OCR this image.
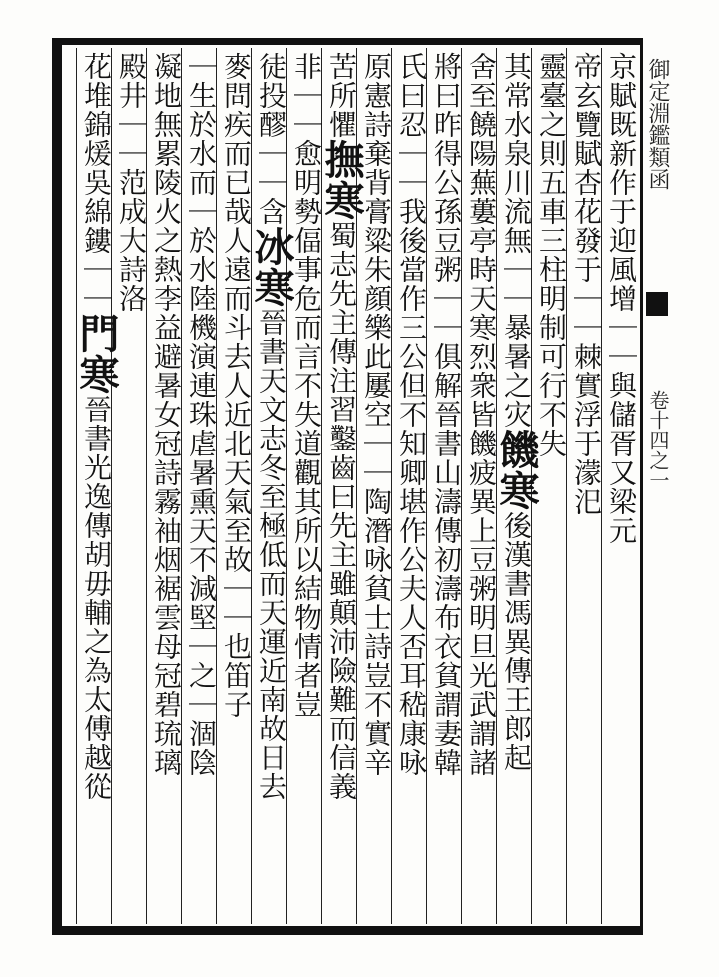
御定淵鑑類函
卷十四之一
京賦既新作于迎風增｜｜與儲胥又梁元
帝玄覽賦杏花發于｜｜棘實浮于濛汜
靈臺之則五車三柱明制可行不失
其常水泉川流無｜｜暴暑之灾饑寒後漢書馮異傳王郎起
舍至饒陽蕪蔞亭時天寒烈衆皆饑疲異上豆粥明旦光武謂諸
將曰昨得公孫豆粥｜｜俱解晉書山濤傳初濤布衣貧謂妻韓
氏曰忍｜｜我後當作三公但不知卿堪作公夫人否耳嵇康咏
原憲詩棄背膏粱朱顔樂此屢空｜｜陶潛咏貧士詩豈不實辛
苦所懼撫寒蜀志先主傳注習鑿齒曰先主雖顛沛險難而信義
非｜｜愈明勢偪事危而言不失道觀其所以結物情者豈
徒投醪｜｜含冰寒晉書天文志冬至極低而天運近南故日去
麥問疾而已哉人遠而斗去人近北天氣至故｜｜也笛子
｜生於水而｜於水陸機演連珠虐暑熏天不減堅｜之｜涸陰
凝地無累陵火之熱李益避暑女冠詩霧袖烟裾雲母冠碧琉璃
殿井｜｜范成大詩洛
花堆錦煖吳綿鏤｜｜門寒晉書光逸傳胡毋輔之為太傅越從
